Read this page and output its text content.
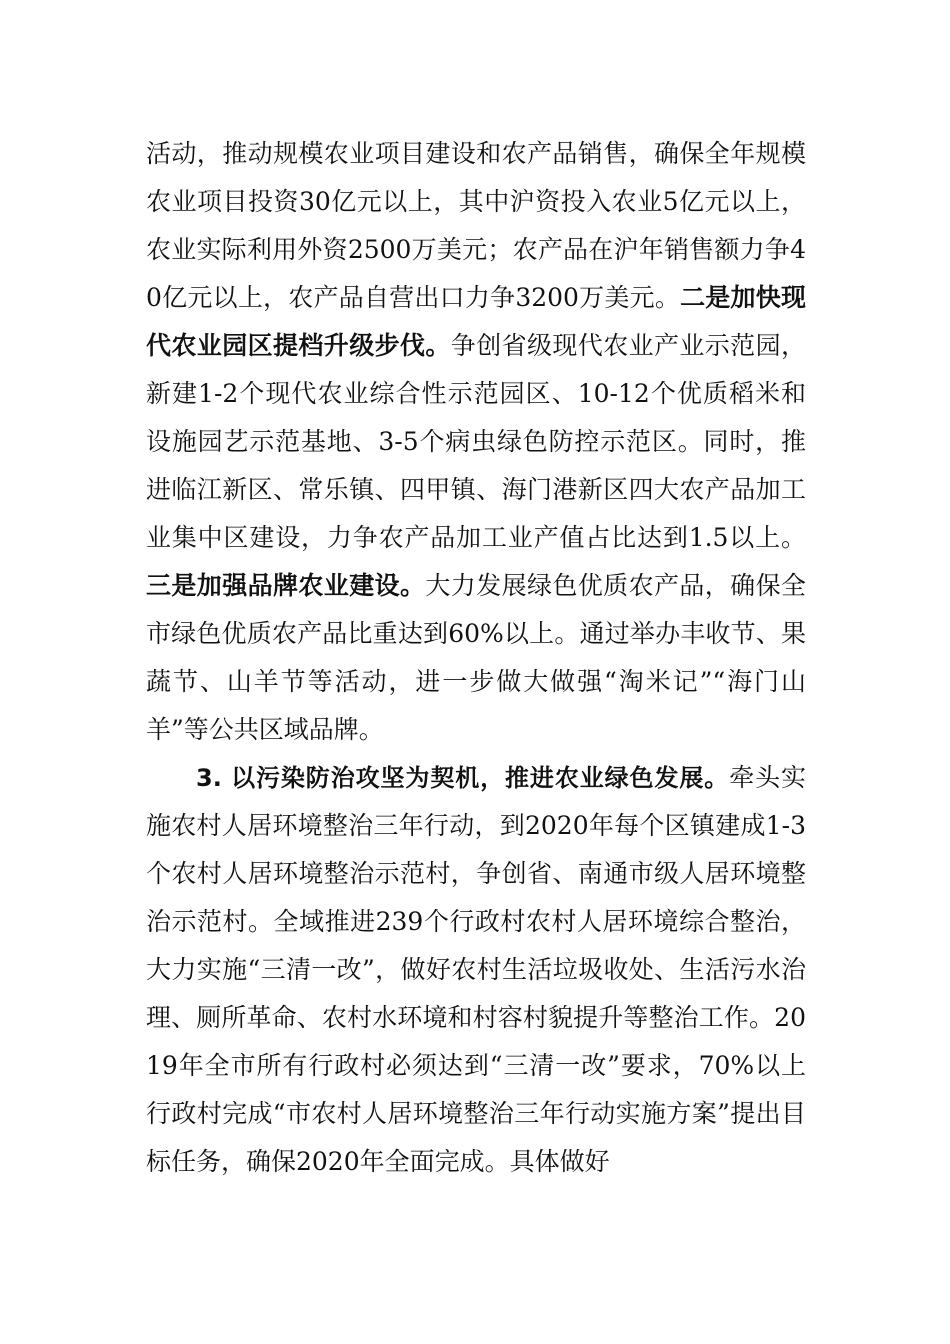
活动，推动规模农业项目建设和农产品销售，确保全年规模农业项目投资30亿元以上，其中沪资投入农业5亿元以上，农业实际利用外资2500万美元；农产品在沪年销售额力争40亿元以上，农产品自营出口力争3200万美元。二是加快现代农业园区提档升级步伐。争创省级现代农业产业示范园，新建1-2个现代农业综合性示范园区、10-12个优质稻米和设施园艺示范基地、3-5个病虫绿色防控示范区。同时，推进临江新区、常乐镇、四甲镇、海门港新区四大农产品加工业集中区建设，力争农产品加工业产值占比达到1.5以上。三是加强品牌农业建设。大力发展绿色优质农产品，确保全市绿色优质农产品比重达到60%以上。通过举办丰收节、果蔬节、山羊节等活动，进一步做大做强“淘米记”“海门山羊”等公共区域品牌。

3. 以污染防治攻坚为契机，推进农业绿色发展。牵头实施农村人居环境整治三年行动，到2020年每个区镇建成1-3个农村人居环境整治示范村，争创省、南通市级人居环境整治示范村。全域推进239个行政村农村人居环境综合整治，大力实施“三清一改”，做好农村生活垃圾收处、生活污水治理、厕所革命、农村水环境和村容村貌提升等整治工作。2019年全市所有行政村必须达到“三清一改”要求，70%以上行政村完成“市农村人居环境整治三年行动实施方案”提出目标任务，确保2020年全面完成。具体做好
